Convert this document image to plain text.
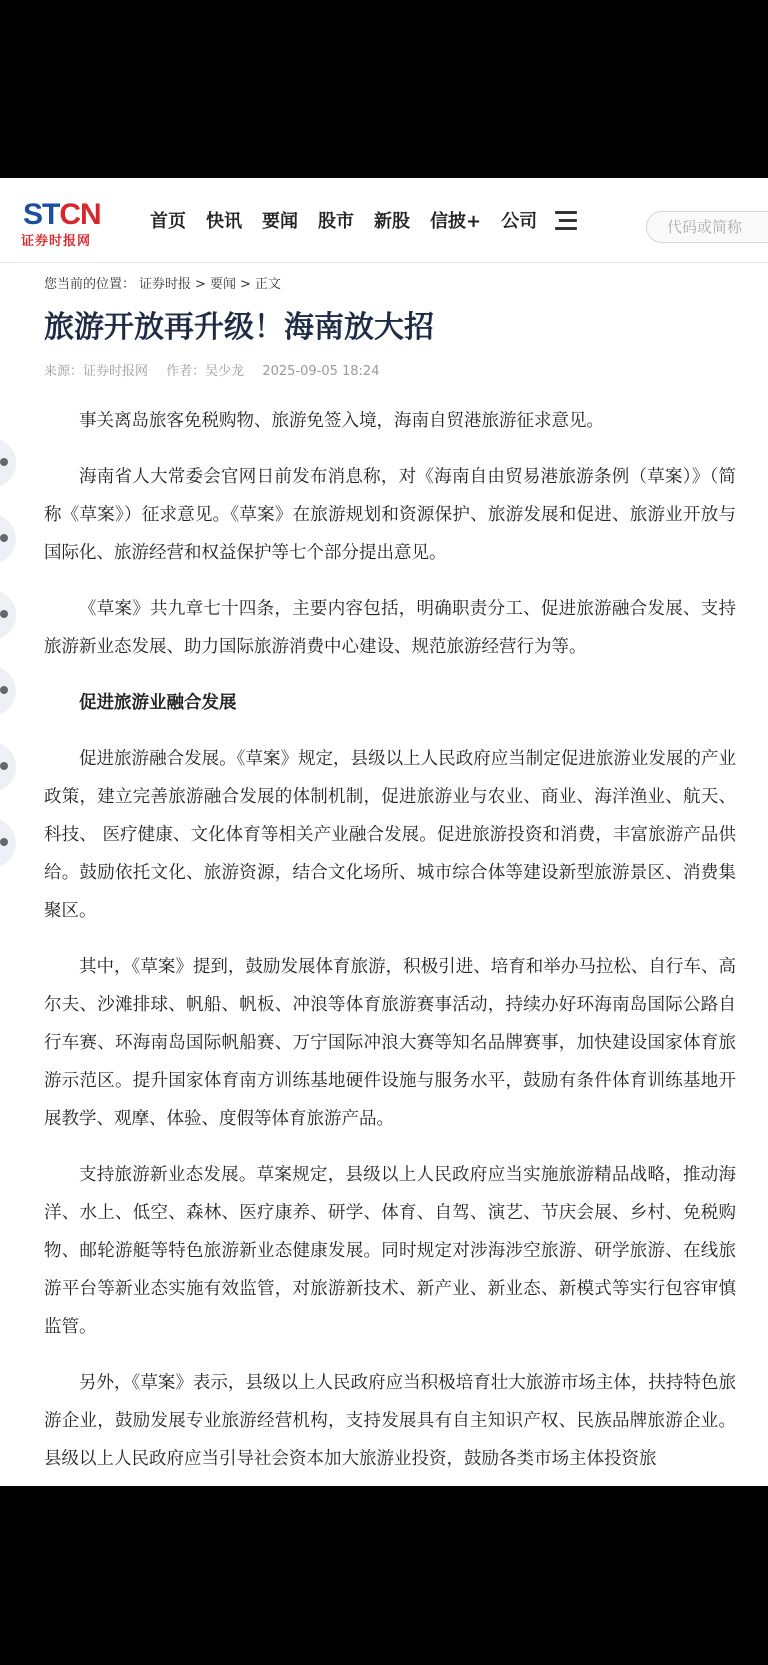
STCN
证券时报网
首页 快讯 要闻 股市 新股 信披+ 公司	代码或简称
您当前的位置： 证券时报 > 要闻 > 正文
旅游开放再升级！海南放大招
来源：证券时报网 作者：吴少龙 2025-09-05 18:24

事关离岛旅客免税购物、旅游免签入境，海南自贸港旅游征求意见。

海南省人大常委会官网日前发布消息称，对《海南自由贸易港旅游条例（草案）》（简称《草案》）征求意见。《草案》在旅游规划和资源保护、旅游发展和促进、旅游业开放与国际化、旅游经营和权益保护等七个部分提出意见。

《草案》共九章七十四条，主要内容包括，明确职责分工、促进旅游融合发展、支持旅游新业态发展、助力国际旅游消费中心建设、规范旅游经营行为等。

促进旅游业融合发展

促进旅游融合发展。《草案》规定，县级以上人民政府应当制定促进旅游业发展的产业政策，建立完善旅游融合发展的体制机制，促进旅游业与农业、商业、海洋渔业、航天、科技、 医疗健康、文化体育等相关产业融合发展。促进旅游投资和消费，丰富旅游产品供给。鼓励依托文化、旅游资源，结合文化场所、城市综合体等建设新型旅游景区、消费集聚区。

其中，《草案》提到，鼓励发展体育旅游，积极引进、培育和举办马拉松、自行车、高尔夫、沙滩排球、帆船、帆板、冲浪等体育旅游赛事活动，持续办好环海南岛国际公路自行车赛、环海南岛国际帆船赛、万宁国际冲浪大赛等知名品牌赛事，加快建设国家体育旅游示范区。提升国家体育南方训练基地硬件设施与服务水平，鼓励有条件体育训练基地开展教学、观摩、体验、度假等体育旅游产品。

支持旅游新业态发展。草案规定，县级以上人民政府应当实施旅游精品战略，推动海洋、水上、低空、森林、医疗康养、研学、体育、自驾、演艺、节庆会展、乡村、免税购物、邮轮游艇等特色旅游新业态健康发展。同时规定对涉海涉空旅游、研学旅游、在线旅游平台等新业态实施有效监管，对旅游新技术、新产业、新业态、新模式等实行包容审慎监管。

另外，《草案》表示，县级以上人民政府应当积极培育壮大旅游市场主体，扶持特色旅游企业，鼓励发展专业旅游经营机构，支持发展具有自主知识产权、民族品牌旅游企业。县级以上人民政府应当引导社会资本加大旅游业投资，鼓励各类市场主体投资旅
